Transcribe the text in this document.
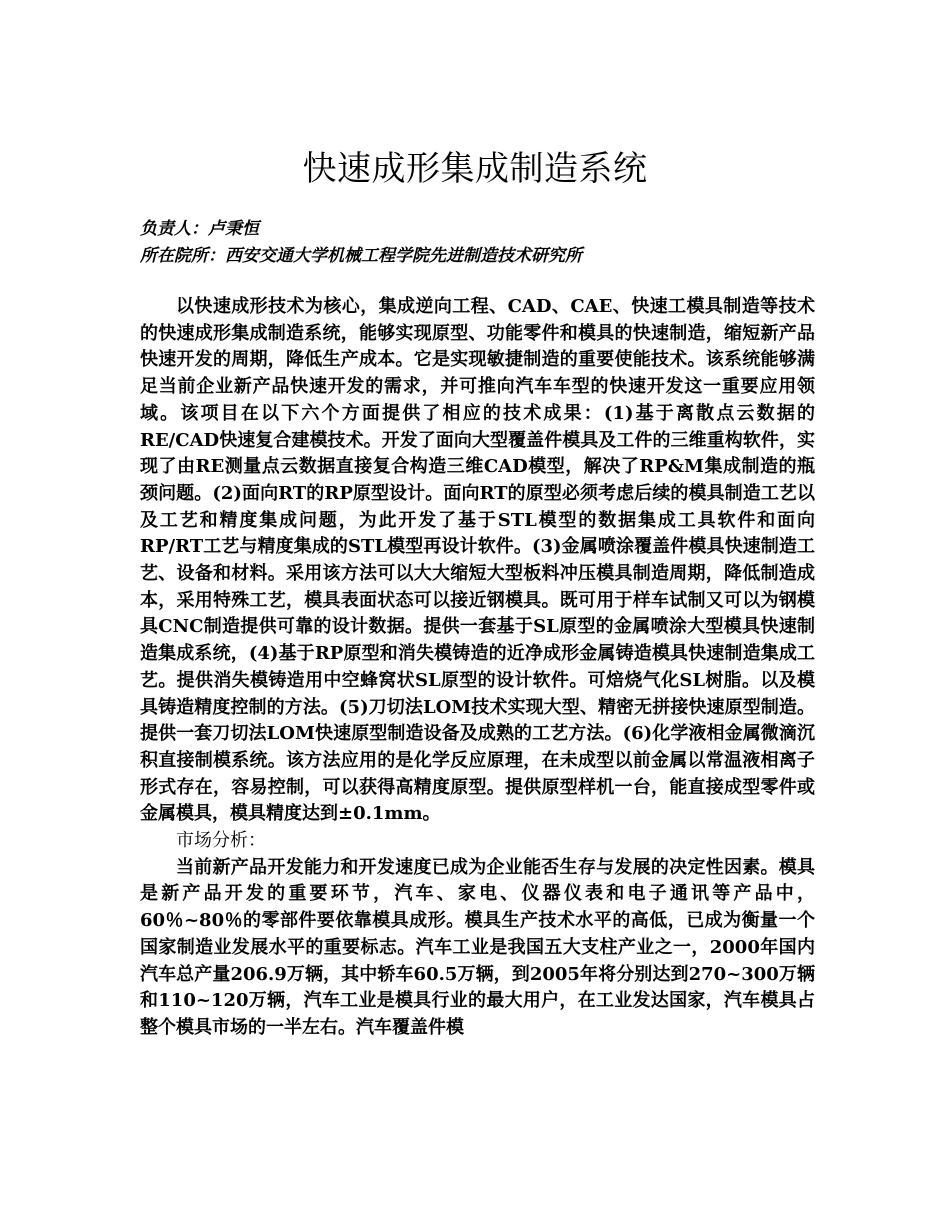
快速成形集成制造系统
负责人：卢秉恒
所在院所：西安交通大学机械工程学院先进制造技术研究所

以快速成形技术为核心，集成逆向工程、CAD、CAE、快速工模具制造等技术的快速成形集成制造系统，能够实现原型、功能零件和模具的快速制造，缩短新产品快速开发的周期，降低生产成本。它是实现敏捷制造的重要使能技术。该系统能够满足当前企业新产品快速开发的需求，并可推向汽车车型的快速开发这一重要应用领域。该项目在以下六个方面提供了相应的技术成果：(1)基于离散点云数据的RE/CAD快速复合建模技术。开发了面向大型覆盖件模具及工件的三维重构软件，实现了由RE测量点云数据直接复合构造三维CAD模型，解决了RP&M集成制造的瓶颈问题。(2)面向RT的RP原型设计。面向RT的原型必须考虑后续的模具制造工艺以及工艺和精度集成问题，为此开发了基于STL模型的数据集成工具软件和面向RP/RT工艺与精度集成的STL模型再设计软件。(3)金属喷涂覆盖件模具快速制造工艺、设备和材料。采用该方法可以大大缩短大型板料冲压模具制造周期，降低制造成本，采用特殊工艺，模具表面状态可以接近钢模具。既可用于样车试制又可以为钢模具CNC制造提供可靠的设计数据。提供一套基于SL原型的金属喷涂大型模具快速制造集成系统，(4)基于RP原型和消失模铸造的近净成形金属铸造模具快速制造集成工艺。提供消失模铸造用中空蜂窝状SL原型的设计软件。可焙烧气化SL树脂。以及模具铸造精度控制的方法。(5)刀切法LOM技术实现大型、精密无拼接快速原型制造。提供一套刀切法LOM快速原型制造设备及成熟的工艺方法。(6)化学液相金属微滴沉积直接制模系统。该方法应用的是化学反应原理，在未成型以前金属以常温液相离子形式存在，容易控制，可以获得高精度原型。提供原型样机一台，能直接成型零件或金属模具，模具精度达到±0.1mm。

市场分析：

当前新产品开发能力和开发速度已成为企业能否生存与发展的决定性因素。模具是新产品开发的重要环节，汽车、家电、仪器仪表和电子通讯等产品中，60％~80％的零部件要依靠模具成形。模具生产技术水平的高低，已成为衡量一个国家制造业发展水平的重要标志。汽车工业是我国五大支柱产业之一，2000年国内汽车总产量206.9万辆，其中轿车60.5万辆，到2005年将分别达到270~300万辆和110~120万辆，汽车工业是模具行业的最大用户，在工业发达国家，汽车模具占整个模具市场的一半左右。汽车覆盖件模
